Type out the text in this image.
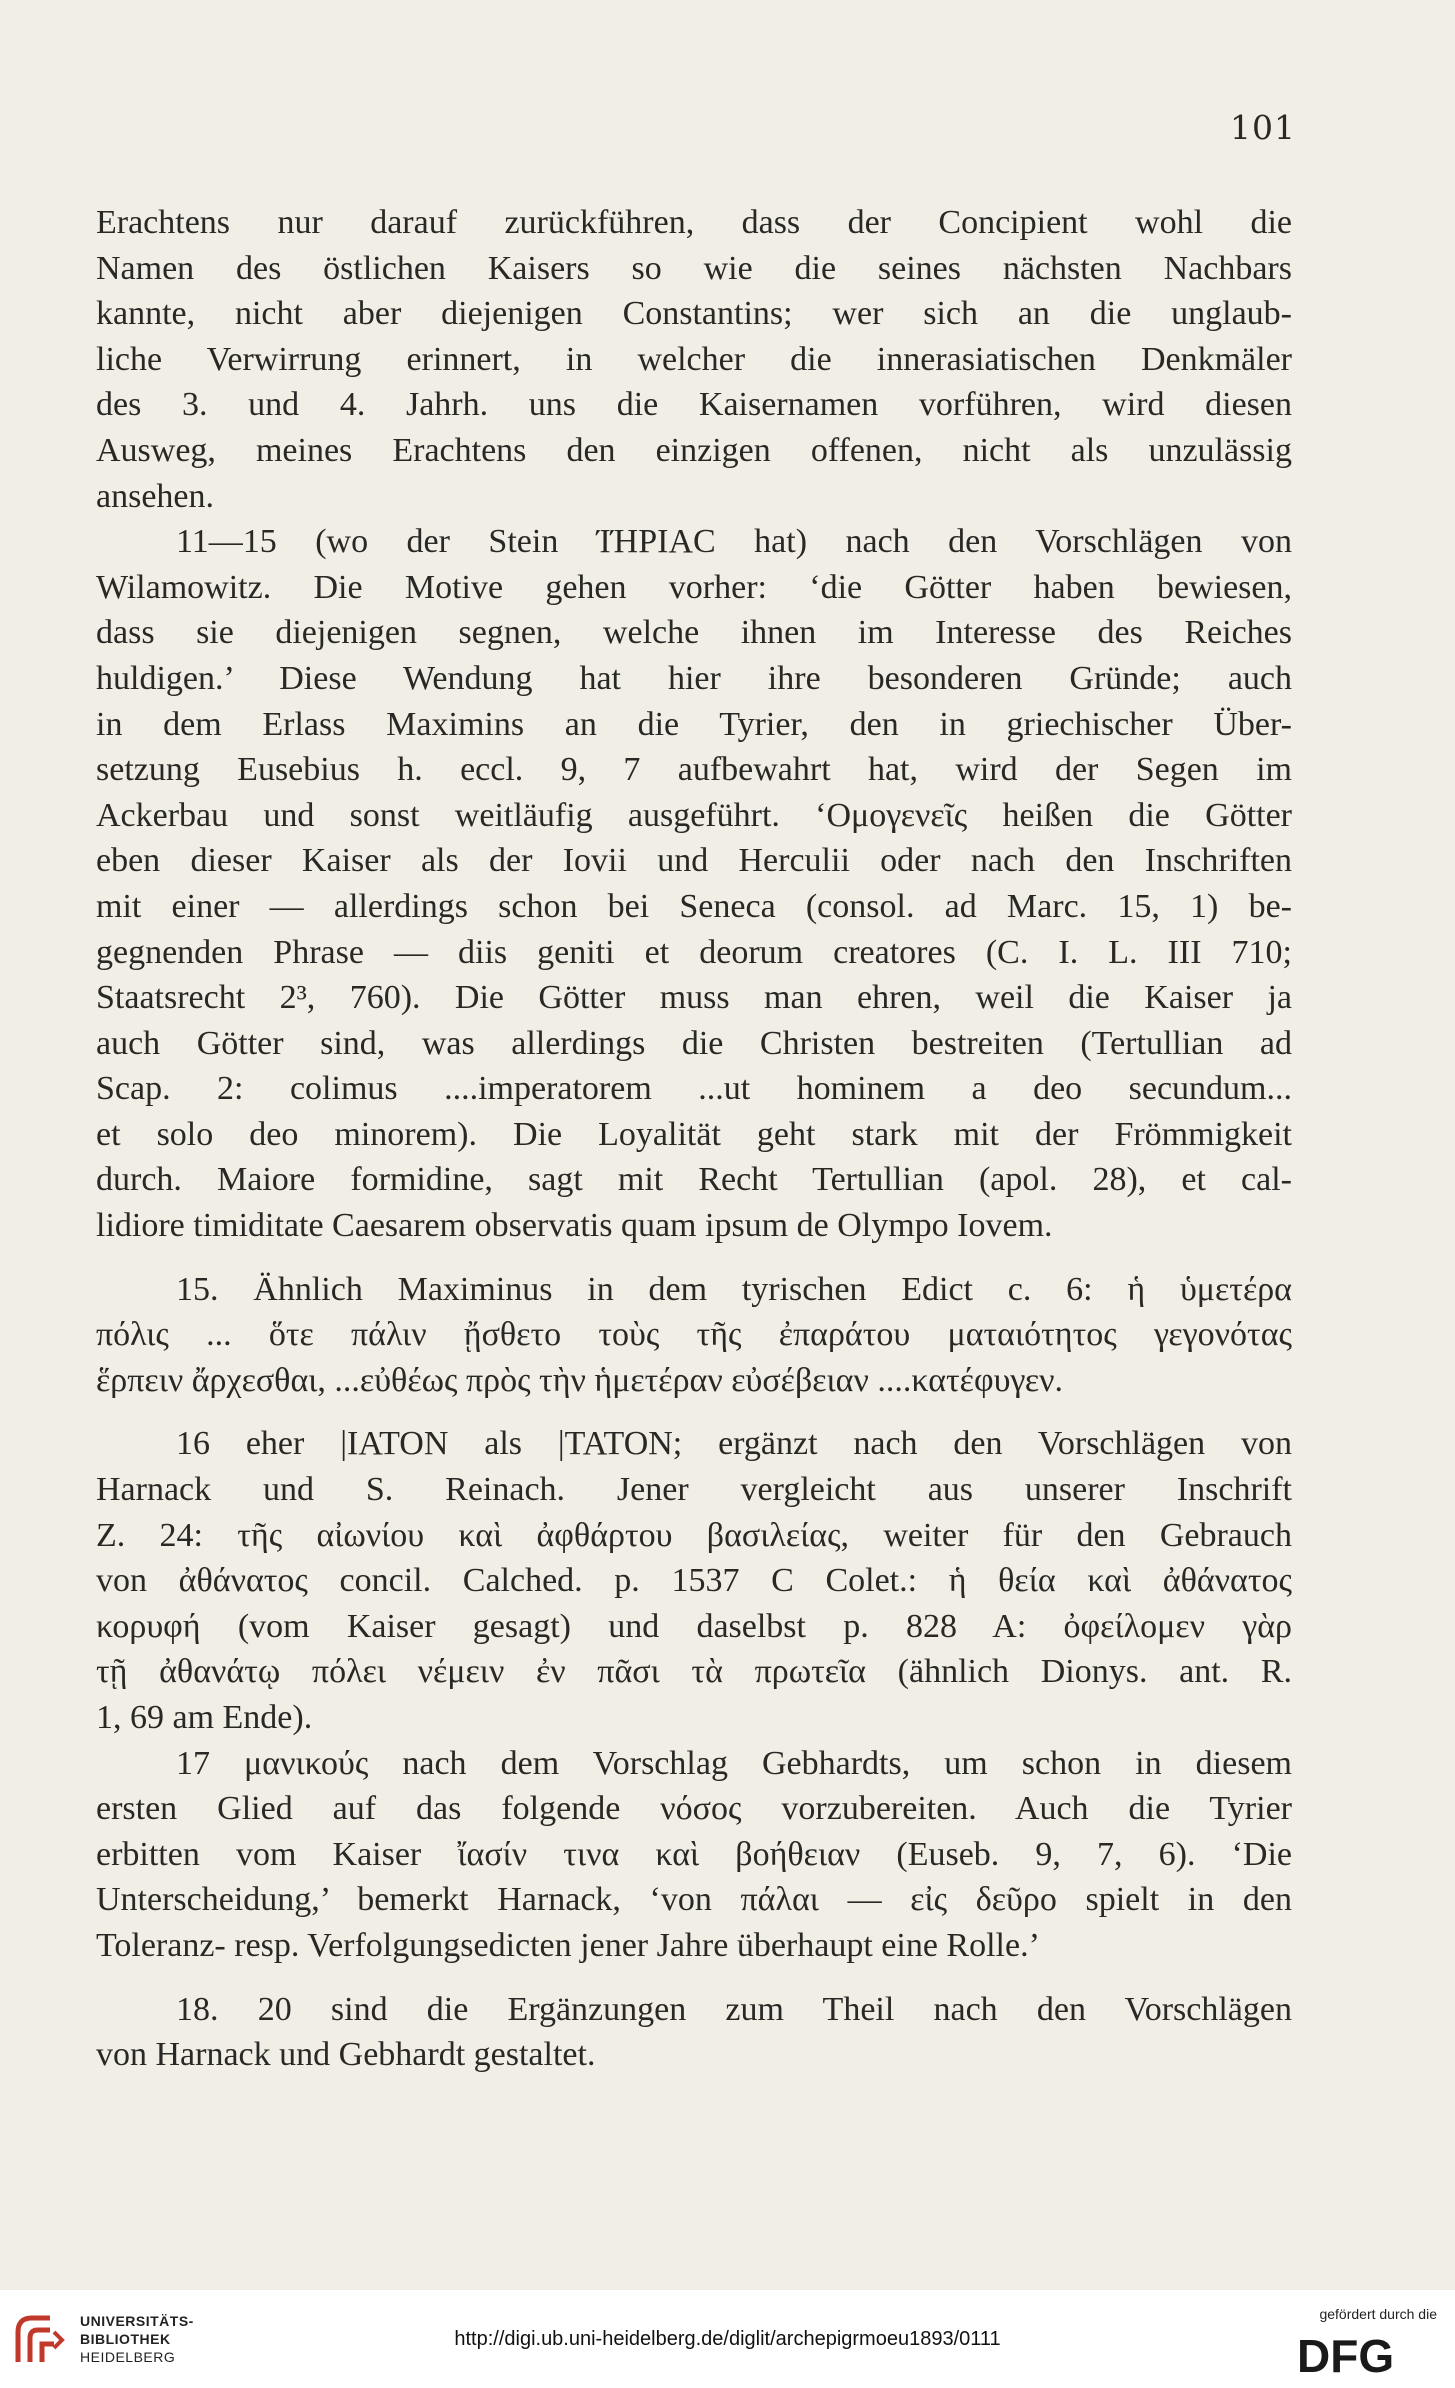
101
Erachtens nur darauf zurückführen, dass der Concipient wohl die
Namen des östlichen Kaisers so wie die seines nächsten Nachbars
kannte, nicht aber diejenigen Constantins; wer sich an die unglaub-
liche Verwirrung erinnert, in welcher die innerasiatischen Denkmäler
des 3. und 4. Jahrh. uns die Kaisernamen vorführen, wird diesen
Ausweg, meines Erachtens den einzigen offenen, nicht als unzulässig
ansehen.
11—15 (wo der Stein ΊΉΡΙΑC hat) nach den Vorschlägen von
Wilamowitz. Die Motive gehen vorher: ‘die Götter haben bewiesen,
dass sie diejenigen segnen, welche ihnen im Interesse des Reiches
huldigen.’ Diese Wendung hat hier ihre besonderen Gründe; auch
in dem Erlass Maximins an die Tyrier, den in griechischer Über-
setzung Eusebius h. eccl. 9, 7 aufbewahrt hat, wird der Segen im
Ackerbau und sonst weitläufig ausgeführt. ‘Ομογενεῖς heißen die Götter
eben dieser Kaiser als der Iovii und Herculii oder nach den Inschriften
mit einer — allerdings schon bei Seneca (consol. ad Marc. 15, 1) be-
gegnenden Phrase — diis geniti et deorum creatores (C. I. L. III 710;
Staatsrecht 2³, 760). Die Götter muss man ehren, weil die Kaiser ja
auch Götter sind, was allerdings die Christen bestreiten (Tertullian ad
Scap. 2: colimus ....imperatorem ...ut hominem a deo secundum...
et solo deo minorem). Die Loyalität geht stark mit der Frömmigkeit
durch. Maiore formidine, sagt mit Recht Tertullian (apol. 28), et cal-
lidiore timiditate Caesarem observatis quam ipsum de Olympo Iovem.
15. Ähnlich Maximinus in dem tyrischen Edict c. 6: ἡ ὑμετέρα
πόλις ... ὅτε πάλιν ᾔσθετο τοὺς τῆς ἐπαράτου ματαιότητος γεγονότας
ἕρπειν ἄρχεσθαι, ...εὐθέως πρὸς τὴν ἡμετέραν εὐσέβειαν ....κατέφυγεν.
16 eher |ΙΑΤΟΝ als |ΤΑΤΟΝ; ergänzt nach den Vorschlägen von
Harnack und S. Reinach. Jener vergleicht aus unserer Inschrift
Z. 24: τῆς αἰωνίου καὶ ἀφθάρτου βασιλείας, weiter für den Gebrauch
von ἀθάνατος concil. Calched. p. 1537 C Colet.: ἡ θεία καὶ ἀθάνατος
κορυφή (vom Kaiser gesagt) und daselbst p. 828 A: ὀφείλομεν γὰρ
τῇ ἀθανάτῳ πόλει νέμειν ἐν πᾶσι τὰ πρωτεῖα (ähnlich Dionys. ant. R.
1, 69 am Ende).
17 μανικούς nach dem Vorschlag Gebhardts, um schon in diesem
ersten Glied auf das folgende νόσος vorzubereiten. Auch die Tyrier
erbitten vom Kaiser ἴασίν τινα καὶ βοήθειαν (Euseb. 9, 7, 6). ‘Die
Unterscheidung,’ bemerkt Harnack, ‘von πάλαι — εἰς δεῦρο spielt in den
Toleranz- resp. Verfolgungsedicten jener Jahre überhaupt eine Rolle.’
18. 20 sind die Ergänzungen zum Theil nach den Vorschlägen
von Harnack und Gebhardt gestaltet.
UNIVERSITÄTS-
BIBLIOTHEK
HEIDELBERG
http://digi.ub.uni-heidelberg.de/diglit/archepigrmoeu1893/0111
gefördert durch die
DFG
